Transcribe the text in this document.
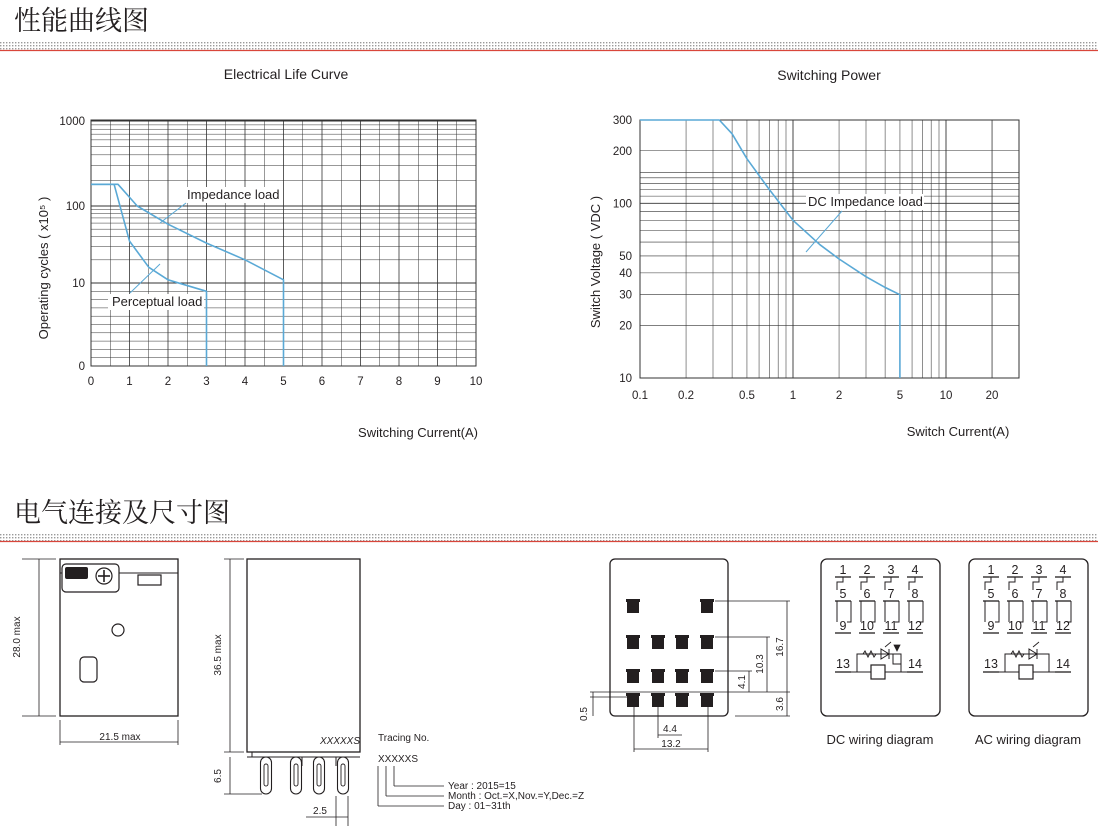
性能曲线图
Electrical Life Curve
0	1	2	3	4	5	6	7	8	9	10
0
10
100
1000
Operating cycles ( x10⁵ )
Switching Current(A)
Impedance load
Perceptual load
Switching Power
0.1	0.2	0.5	1	2	5	10	20
10
20
30
40
50
100
200
300
Switch Voltage ( VDC )
Switch Current(A)
DC Impedance load
电气连接及尺寸图
28.0 max
21.5 max
36.5 max
6.5
2.5
XXXXXS Tracing No.
XXXXXS
Year : 2015=15
Month : Oct.=X,Nov.=Y,Dec.=Z
Day : 01~31th
5	8
6 7 2 4
1 3 2 6
4 1 3 2
16.7
10.3
4.1
3.6
0.5
4.4
13.2
1 2 3 4
5 6 7 8
9 10 11 12
13	14
1 2 3 4
5 6 7 8
9 10 11 12
13	14
DC wiring diagram	AC wiring diagram
